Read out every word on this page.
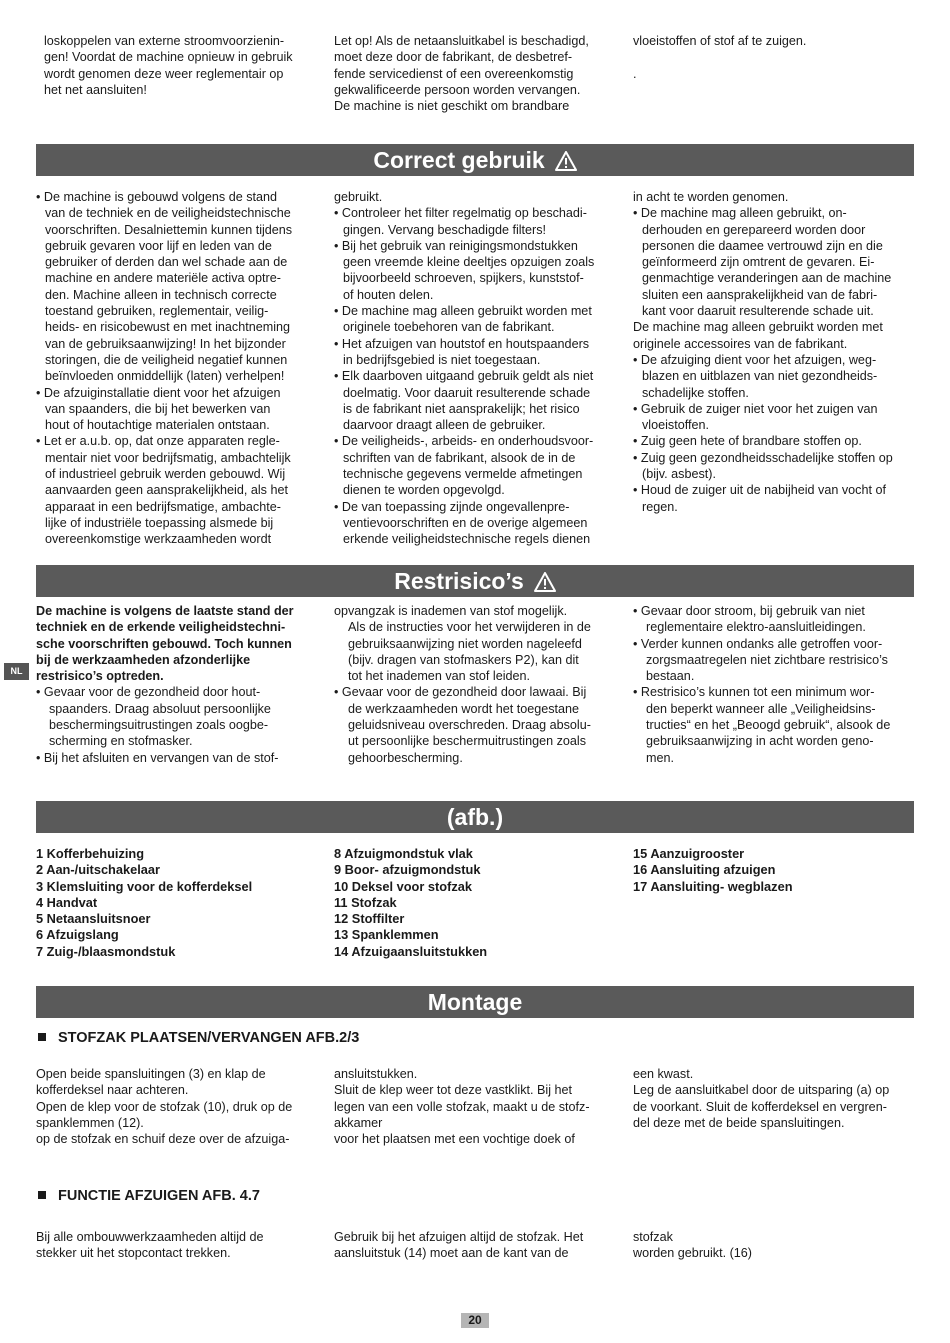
loskoppelen van externe stroomvoorzienin-
gen! Voordat de machine opnieuw in gebruik
wordt genomen deze weer reglementair op
het net aansluiten!
Let op! Als de netaansluitkabel is beschadigd,
moet deze door de fabrikant, de desbetref-
fende servicedienst of een overeenkomstig
gekwalificeerde persoon worden vervangen.
De machine is niet geschikt om brandbare
vloeistoffen of stof af te zuigen.

.
Correct gebruik

• De machine is gebouwd volgens de stand
van de techniek en de veiligheidstechnische
voorschriften. Desalniettemin kunnen tijdens
gebruik gevaren voor lijf en leden van de
gebruiker of derden dan wel schade aan de
machine en andere materiële activa optre-
den. Machine alleen in technisch correcte
toestand gebruiken, reglementair, veilig-
heids- en risicobewust en met inachtneming
van de gebruiksaanwijzing! In het bijzonder
storingen, die de veiligheid negatief kunnen
beïnvloeden onmiddellijk (laten) verhelpen!

• De afzuiginstallatie dient voor het afzuigen
van spaanders, die bij het bewerken van
hout of houtachtige materialen ontstaan.

• Let er a.u.b. op, dat onze apparaten regle-
mentair niet voor bedrijfsmatig, ambachtelijk
of industrieel gebruik werden gebouwd. Wij
aanvaarden geen aansprakelijkheid, als het
apparaat in een bedrijfsmatige, ambachte-
lijke of industriële toepassing alsmede bij
overeenkomstige werkzaamheden wordt

gebruikt.

• Controleer het filter regelmatig op beschadi-
gingen. Vervang beschadigde filters!

• Bij het gebruik van reinigingsmondstukken
geen vreemde kleine deeltjes opzuigen zoals
bijvoorbeeld schroeven, spijkers, kunststof-
of houten delen.

• De machine mag alleen gebruikt worden met
originele toebehoren van de fabrikant.

• Het afzuigen van houtstof en houtspaanders
in bedrijfsgebied is niet toegestaan.

• Elk daarboven uitgaand gebruik geldt als niet
doelmatig. Voor daaruit resulterende schade
is de fabrikant niet aansprakelijk; het risico
daarvoor draagt alleen de gebruiker.

• De veiligheids-, arbeids- en onderhoudsvoor-
schriften van de fabrikant, alsook de in de
technische gegevens vermelde afmetingen
dienen te worden opgevolgd.

• De van toepassing zijnde ongevallenpre-
ventievoorschriften en de overige algemeen
erkende veiligheidstechnische regels dienen

in acht te worden genomen.

• De machine mag alleen gebruikt, on-
derhouden en gerepareerd worden door
personen die daamee vertrouwd zijn en die
geïnformeerd zijn omtrent de gevaren. Ei-
genmachtige veranderingen aan de machine
sluiten een aansprakelijkheid van de fabri-
kant voor daaruit resulterende schade uit.

De machine mag alleen gebruikt worden met
originele accessoires van de fabrikant.

• De afzuiging dient voor het afzuigen, weg-
blazen en uitblazen van niet gezondheids-
schadelijke stoffen.

• Gebruik de zuiger niet voor het zuigen van
vloeistoffen.

• Zuig geen hete of brandbare stoffen op.

• Zuig geen gezondheidsschadelijke stoffen op
(bijv. asbest).

• Houd de zuiger uit de nabijheid van vocht of
regen.

Restrisico’s
NL

De machine is volgens de laatste stand der
techniek en de erkende veiligheidstechni-
sche voorschriften gebouwd. Toch kunnen
bij de werkzaamheden afzonderlijke
restrisico’s optreden.

• Gevaar voor de gezondheid door hout-
spaanders. Draag absoluut persoonlijke
beschermingsuitrustingen zoals oogbe-
scherming en stofmasker.

• Bij het afsluiten en vervangen van de stof-

opvangzak is inademen van stof mogelijk.
Als de instructies voor het verwijderen in de
gebruiksaanwijzing niet worden nageleefd
(bijv. dragen van stofmaskers P2), kan dit
tot het inademen van stof leiden.

• Gevaar voor de gezondheid door lawaai. Bij
de werkzaamheden wordt het toegestane
geluidsniveau overschreden. Draag absolu-
ut persoonlijke beschermuitrustingen zoals
gehoorbescherming.

• Gevaar door stroom, bij gebruik van niet
reglementaire elektro-aansluitleidingen.

• Verder kunnen ondanks alle getroffen voor-
zorgsmaatregelen niet zichtbare restrisico’s
bestaan.

• Restrisico’s kunnen tot een minimum wor-
den beperkt wanneer alle „Veiligheidsins-
tructies“ en het „Beoogd gebruik“, alsook de
gebruiksaanwijzing in acht worden geno-
men.

(afb.)
1 Kofferbehuizing
2 Aan-/uitschakelaar
3 Klemsluiting voor de kofferdeksel
4 Handvat
5 Netaansluitsnoer
6 Afzuigslang
7 Zuig-/blaasmondstuk
8 Afzuigmondstuk vlak
9 Boor- afzuigmondstuk
10 Deksel voor stofzak
11 Stofzak
12 Stoffilter
13 Spanklemmen
14 Afzuigaansluitstukken
15 Aanzuigrooster
16 Aansluiting afzuigen
17 Aansluiting- wegblazen
Montage
STOFZAK PLAATSEN/VERVANGEN AFB.2/3
Open beide spansluitingen (3) en klap de
kofferdeksel naar achteren.
Open de klep voor de stofzak (10), druk op de
spanklemmen (12).
op de stofzak en schuif deze over de afzuiga-
ansluitstukken.
Sluit de klep weer tot deze vastklikt. Bij het
legen van een volle stofzak, maakt u de stofz-
akkamer
voor het plaatsen met een vochtige doek of
een kwast.
Leg de aansluitkabel door de uitsparing (a) op
de voorkant. Sluit de kofferdeksel en vergren-
del deze met de beide spansluitingen.
FUNCTIE AFZUIGEN AFB. 4.7
Bij alle ombouwwerkzaamheden altijd de
stekker uit het stopcontact trekken.
Gebruik bij het afzuigen altijd de stofzak. Het
aansluitstuk (14) moet aan de kant van de
stofzak
worden gebruikt. (16)
20
